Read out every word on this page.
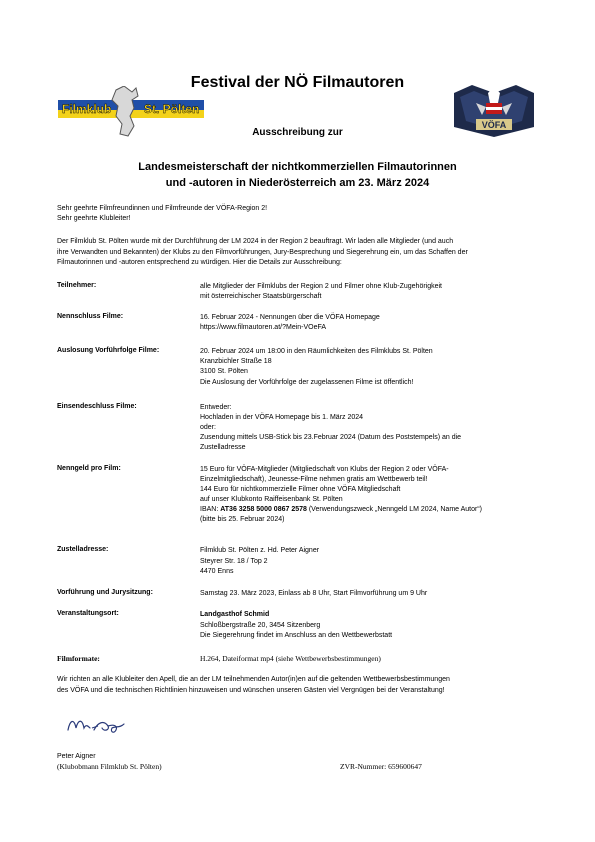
Filmklub	St. Pölten
VÖFA
Festival der NÖ Filmautoren
Ausschreibung zur
Landesmeisterschaft der nichtkommerziellen Filmautorinnen
und -autoren in Niederösterreich am 23. März 2024
Sehr geehrte Filmfreundinnen und Filmfreunde der VÖFA-Region 2!
Sehr geehrte Klubleiter!
Der Filmklub St. Pölten wurde mit der Durchführung der LM 2024 in der Region 2 beauftragt. Wir laden alle Mitglieder (und auch
ihre Verwandten und Bekannten) der Klubs zu den Filmvorführungen, Jury-Besprechung und Siegerehrung ein, um das Schaffen der
Filmautorinnen und -autoren entsprechend zu würdigen. Hier die Details zur Ausschreibung:
Teilnehmer:	alle Mitglieder der Filmklubs der Region 2 und Filmer ohne Klub-Zugehörigkeit
mit österreichischer Staatsbürgerschaft
Nennschluss Filme:	16. Februar 2024 - Nennungen über die VÖFA Homepage
https://www.filmautoren.at/?Mein-VOeFA
Auslosung Vorführfolge Filme:	20. Februar 2024 um 18:00 in den Räumlichkeiten des Filmklubs St. Pölten
Kranzbichler Straße 18
3100 St. Pölten
Die Auslosung der Vorführfolge der zugelassenen Filme ist öffentlich!
Einsendeschluss Filme:	Entweder:
Hochladen in der VÖFA Homepage bis 1. März 2024
oder:
Zusendung mittels USB-Stick bis 23.Februar 2024 (Datum des Poststempels) an die
Zustelladresse
Nenngeld pro Film:	15 Euro für VÖFA-Mitglieder (Mitgliedschaft von Klubs der Region 2 oder VÖFA-
Einzelmitgliedschaft), Jeunesse-Filme nehmen gratis am Wettbewerb teil!
144 Euro für nichtkommerzielle Filmer ohne VÖFA Mitgliedschaft
auf unser Klubkonto Raiffeisenbank St. Pölten
IBAN: AT36 3258 5000 0867 2578 (Verwendungszweck „Nenngeld LM 2024, Name Autor“)
(bitte bis 25. Februar 2024)
Zustelladresse:	Filmklub St. Pölten z. Hd. Peter Aigner
Steyrer Str. 18 / Top 2
4470 Enns
Vorführung und Jurysitzung:	Samstag 23. März 2023, Einlass ab 8 Uhr, Start Filmvorführung um 9 Uhr
Veranstaltungsort:	Landgasthof Schmid
Schloßbergstraße 20, 3454 Sitzenberg
Die Siegerehrung findet im Anschluss an den Wettbewerbstatt
Filmformate:	H.264, Dateiformat mp4 (siehe Wettbewerbsbestimmungen)
Wir richten an alle Klubleiter den Apell, die an der LM teilnehmenden Autor(in)en auf die geltenden Wettbewerbsbestimmungen
des VÖFA und die technischen Richtlinien hinzuweisen und wünschen unseren Gästen viel Vergnügen bei der Veranstaltung!
Peter Aigner
(Klubobmann Filmklub St. Pölten)	ZVR-Nummer: 659600647
